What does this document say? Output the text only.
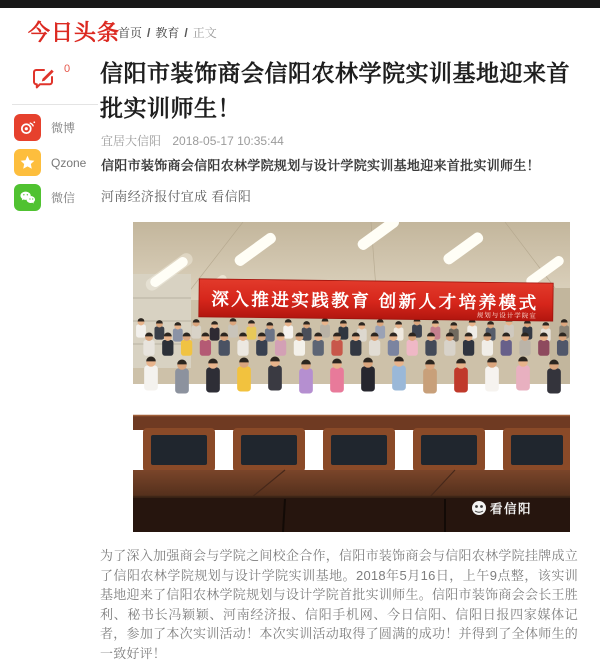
今日头条
首页 / 教育 / 正文
0
微博
Qzone
微信
信阳市装饰商会信阳农林学院实训基地迎来首批实训师生！
宜居大信阳 2018-05-17 10:35:44

信阳市装饰商会信阳农林学院规划与设计学院实训基地迎来首批实训师生！

河南经济报付宜成 看信阳

深入推进实践教育 创新人才培养模式
规划与设计学院宣
看信阳

为了深入加强商会与学院之间校企合作，信阳市装饰商会与信阳农林学院挂牌成立了信阳农林学院规划与设计学院实训基地。2018年5月16日，上午9点整，该实训基地迎来了信阳农林学院规划与设计学院首批实训师生。信阳市装饰商会会长王胜利、秘书长冯颖颖、河南经济报、信阳手机网、今日信阳、信阳日报四家媒体记者，参加了本次实训活动！本次实训活动取得了圆满的成功！并得到了全体师生的一致好评！
